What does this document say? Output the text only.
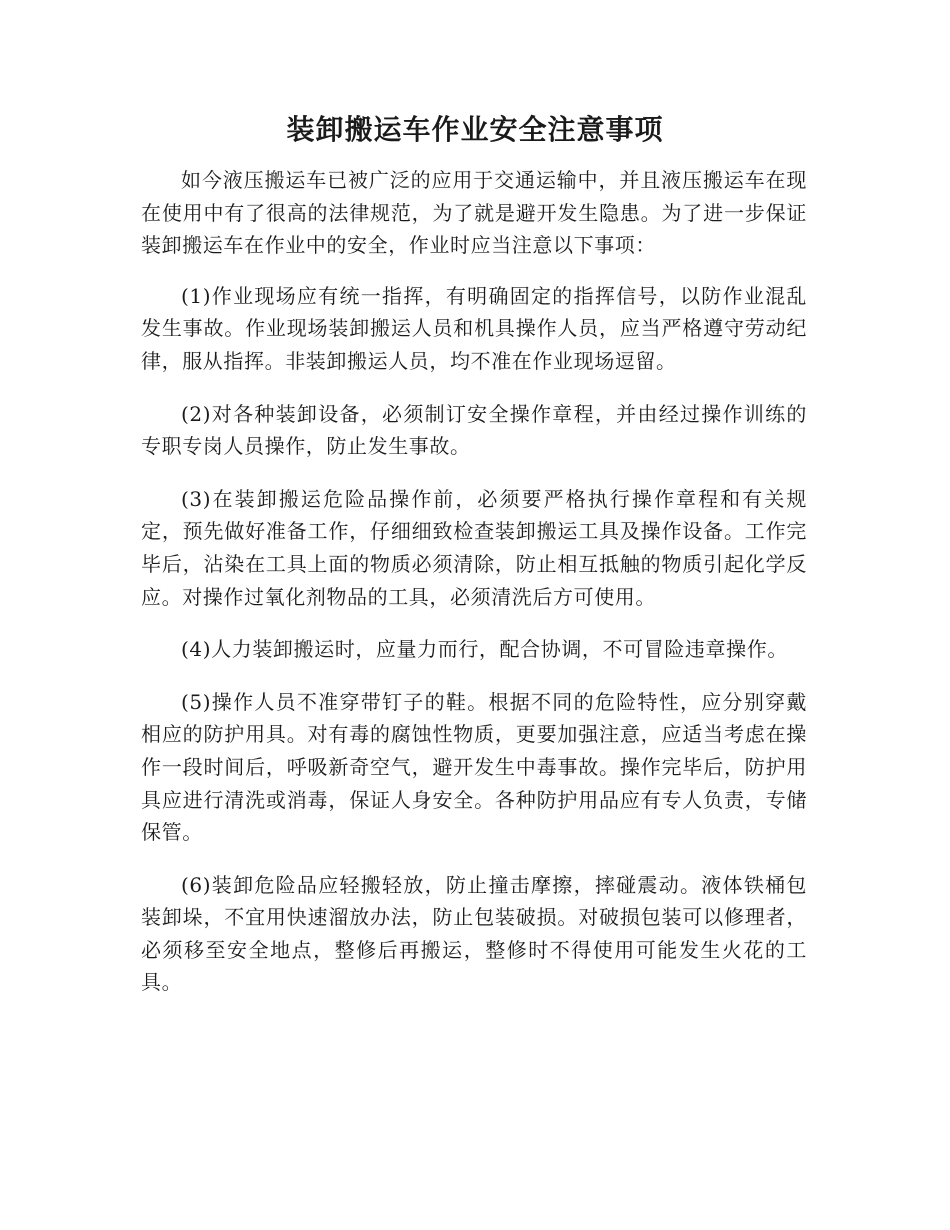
装卸搬运车作业安全注意事项

如今液压搬运车已被广泛的应用于交通运输中，并且液压搬运车在现在使用中有了很高的法律规范，为了就是避开发生隐患。为了进一步保证装卸搬运车在作业中的安全，作业时应当注意以下事项：

(1)作业现场应有统一指挥，有明确固定的指挥信号，以防作业混乱发生事故。作业现场装卸搬运人员和机具操作人员，应当严格遵守劳动纪律，服从指挥。非装卸搬运人员，均不准在作业现场逗留。

(2)对各种装卸设备，必须制订安全操作章程，并由经过操作训练的专职专岗人员操作，防止发生事故。

(3)在装卸搬运危险品操作前，必须要严格执行操作章程和有关规定，预先做好准备工作，仔细细致检查装卸搬运工具及操作设备。工作完毕后，沾染在工具上面的物质必须清除，防止相互抵触的物质引起化学反应。对操作过氧化剂物品的工具，必须清洗后方可使用。

(4)人力装卸搬运时，应量力而行，配合协调，不可冒险违章操作。

(5)操作人员不准穿带钉子的鞋。根据不同的危险特性，应分别穿戴相应的防护用具。对有毒的腐蚀性物质，更要加强注意，应适当考虑在操作一段时间后，呼吸新奇空气，避开发生中毒事故。操作完毕后，防护用具应进行清洗或消毒，保证人身安全。各种防护用品应有专人负责，专储保管。

(6)装卸危险品应轻搬轻放，防止撞击摩擦，摔碰震动。液体铁桶包装卸垛，不宜用快速溜放办法，防止包装破损。对破损包装可以修理者，必须移至安全地点，整修后再搬运，整修时不得使用可能发生火花的工具。
